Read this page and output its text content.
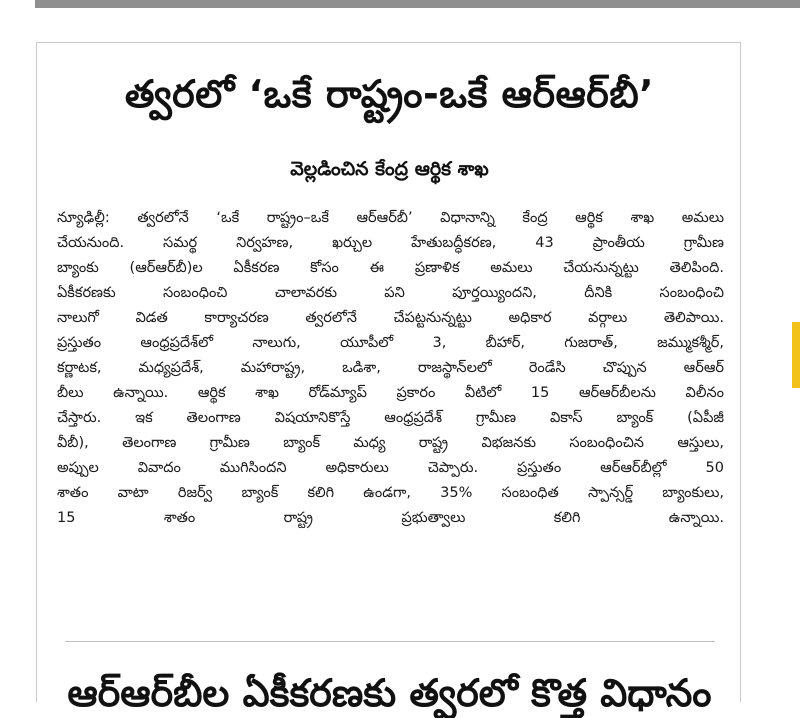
త్వరలో ‘ఒకే రాష్ట్రం-ఒకే ఆర్‌ఆర్‌బీ’
వెల్లడించిన కేంద్ర ఆర్థిక శాఖ
న్యూఢిల్లీ: త్వరలోనే ‘ఒకే రాష్ట్రం–ఒకే ఆర్‌ఆర్‌బీ’ విధానాన్ని కేంద్ర ఆర్థిక శాఖ అమలు
చేయనుంది. సమర్థ నిర్వహణ, ఖర్చుల హేతుబద్ధీకరణ, 43 ప్రాంతీయ గ్రామీణ
బ్యాంకు (ఆర్‌ఆర్‌బీ)ల ఏకీకరణ కోసం ఈ ప్రణాళిక అమలు చేయనున్నట్టు తెలిపింది.
ఏకీకరణకు సంబంధించి చాలావరకు పని పూర్తయ్యిందని, దీనికి సంబంధించి
నాలుగో విడత కార్యాచరణ త్వరలోనే చేపట్టనున్నట్టు అధికార వర్గాలు తెలిపాయి.
ప్రస్తుతం ఆంధ్రప్రదేశ్‌లో నాలుగు, యూపీలో 3, బీహార్, గుజరాత్, జమ్ముకశ్మీర్,
కర్ణాటక, మధ్యప్రదేశ్, మహారాష్ట్ర, ఒడిశా, రాజస్థాన్‌లలో రెండేసి చొప్పున ఆర్‌ఆర్
బీలు ఉన్నాయి. ఆర్థిక శాఖ రోడ్‌మ్యాప్ ప్రకారం వీటిలో 15 ఆర్‌ఆర్‌బీలను విలీనం
చేస్తారు. ఇక తెలంగాణ విషయానికొస్తే ఆంధ్రప్రదేశ్ గ్రామీణ వికాస్ బ్యాంక్ (ఏపీజీ
వీబీ), తెలంగాణ గ్రామీణ బ్యాంక్ మధ్య రాష్ట్ర విభజనకు సంబంధించిన ఆస్తులు,
అప్పుల వివాదం ముగిసిందని అధికారులు చెప్పారు. ప్రస్తుతం ఆర్‌ఆర్‌బీల్లో 50
శాతం వాటా రిజర్వ్ బ్యాంక్ కలిగి ఉండగా, 35% సంబంధిత స్పాన్సర్డ్ బ్యాంకులు,
15 శాతం రాష్ట్ర ప్రభుత్వాలు కలిగి ఉన్నాయి.
ఆర్‌ఆర్‌బీల ఏకీకరణకు త్వరలో కొత్త విధానం
